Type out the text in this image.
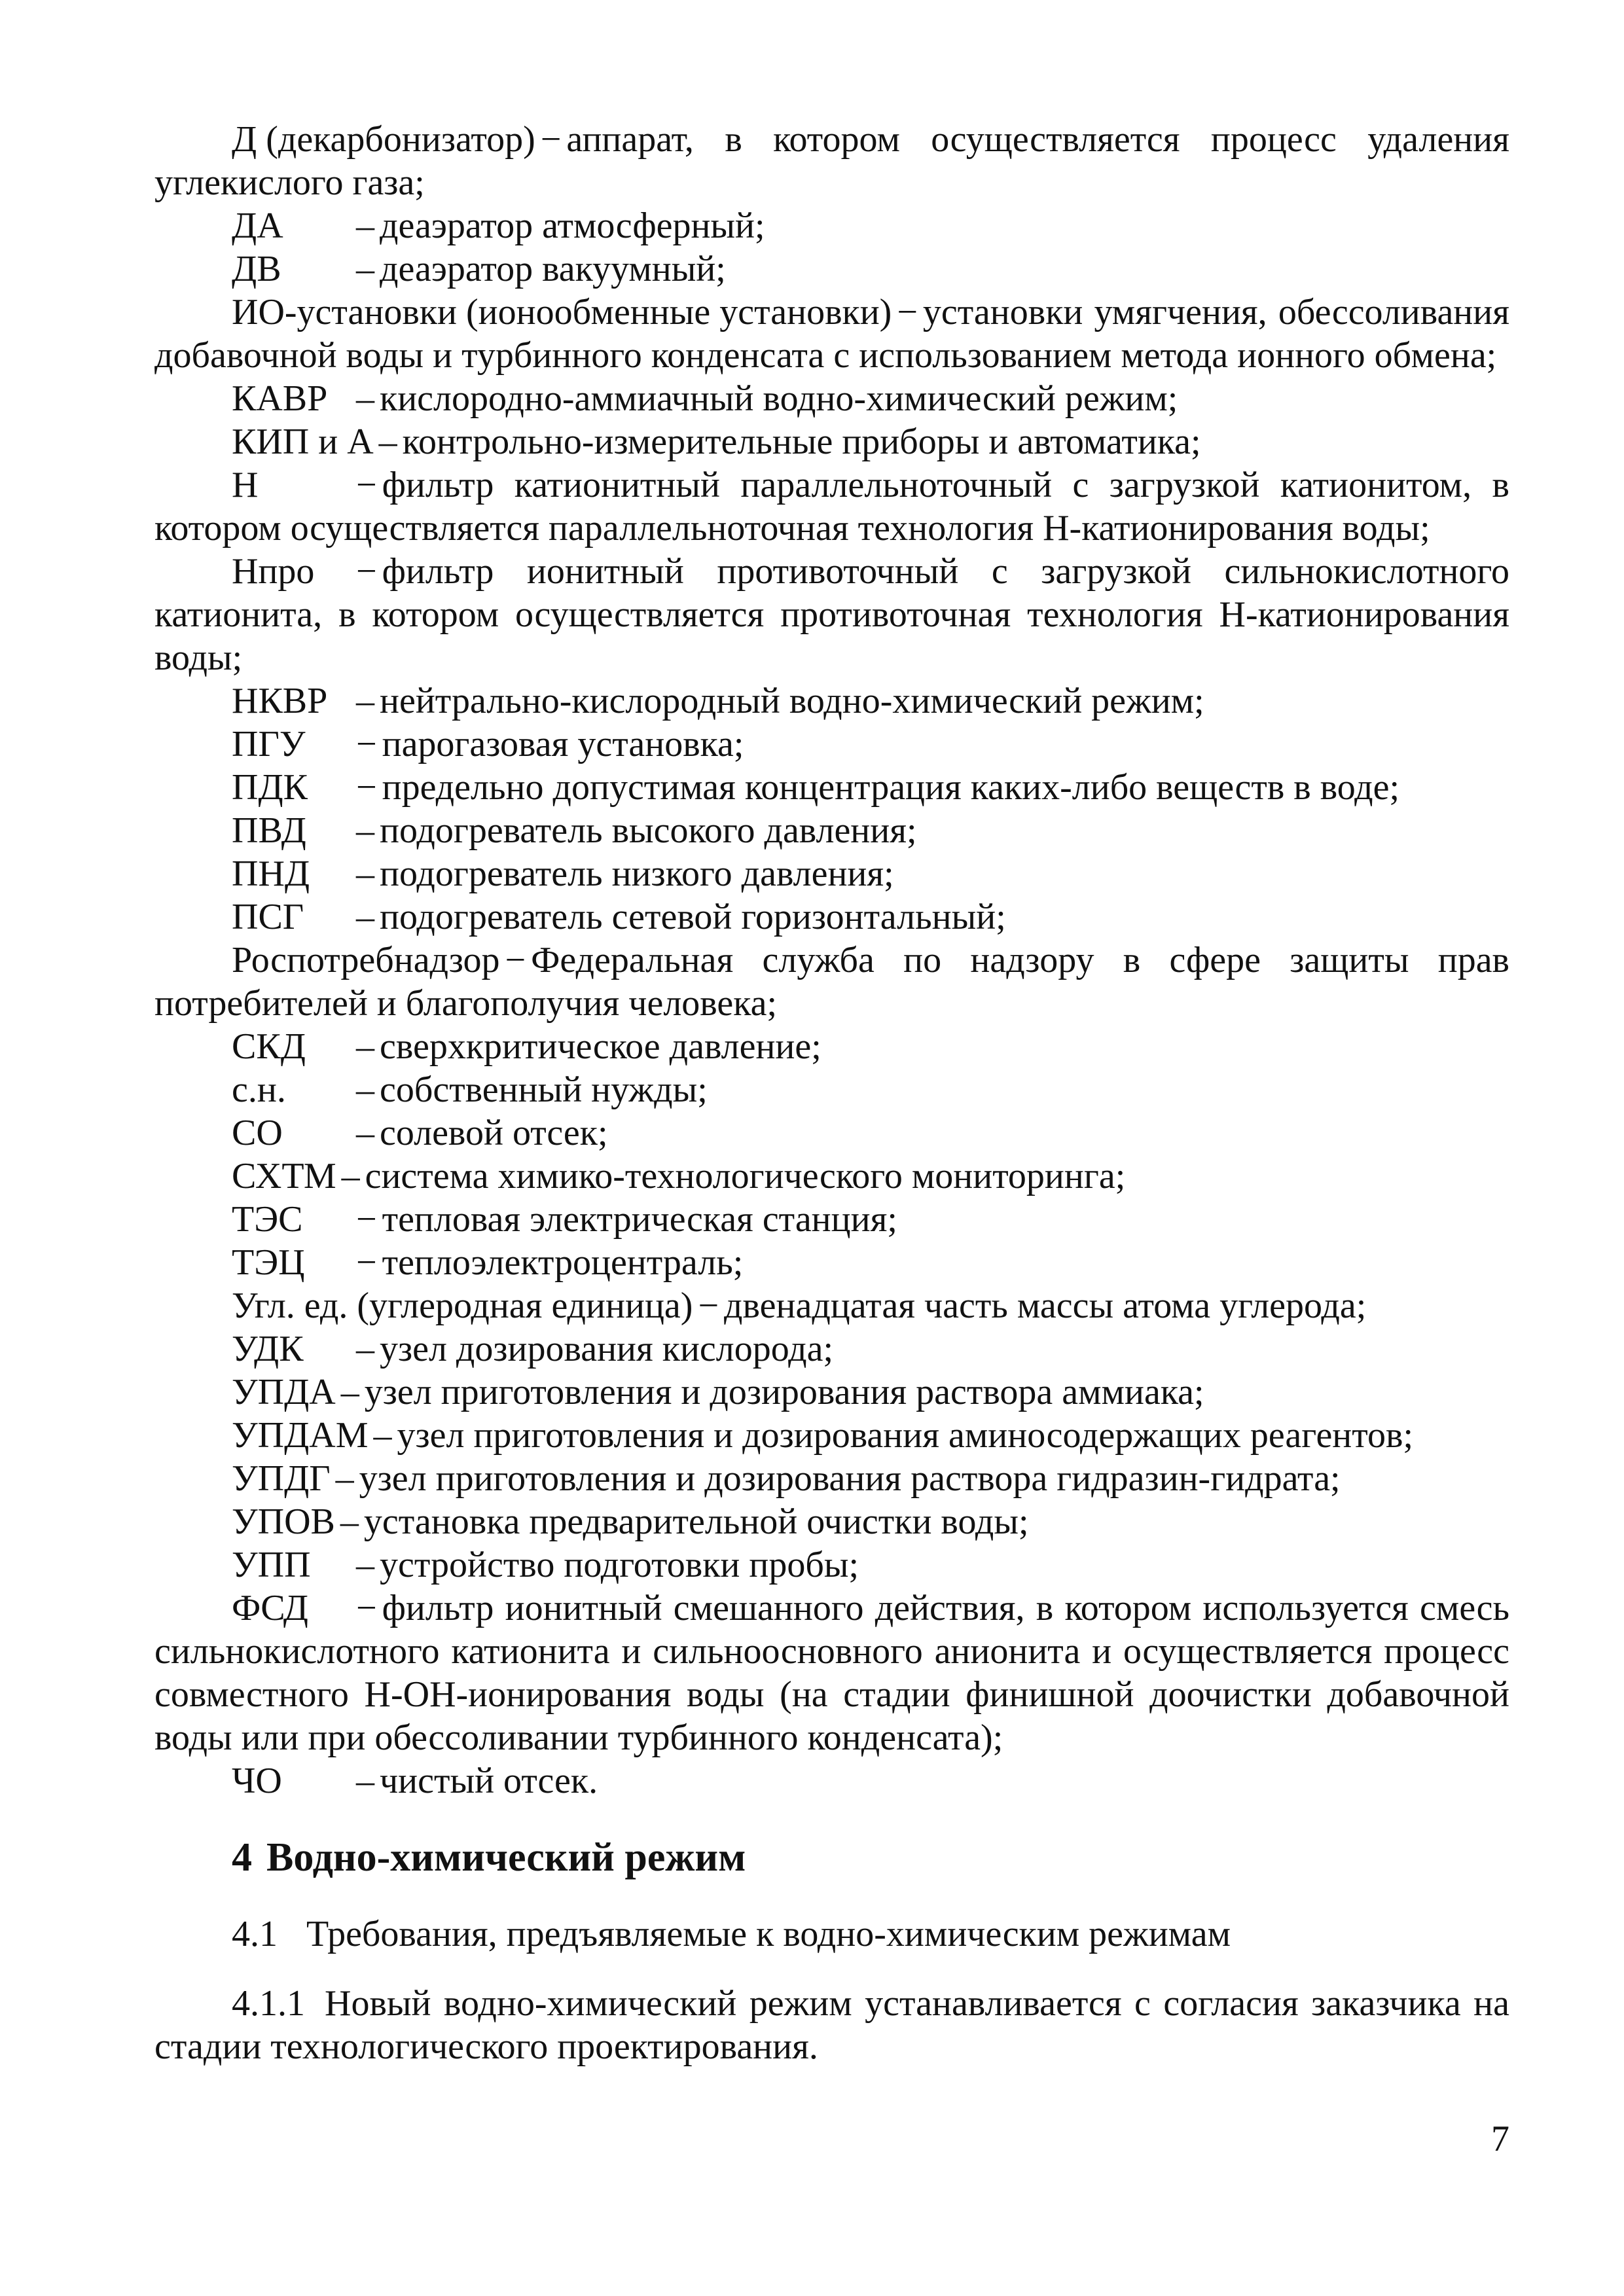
Д (декарбонизатор) − аппарат, в котором осуществляется процесс удаления углекислого газа;

ДА – деаэратор атмосферный;

ДВ – деаэратор вакуумный;

ИО-установки (ионообменные установки) − установки умягчения, обессоливания добавочной воды и турбинного конденсата с использованием метода ионного обмена;

КАВР – кислородно-аммиачный водно-химический режим;

КИП и А – контрольно-измерительные приборы и автоматика;

Н	− фильтр катионитный параллельноточный с загрузкой катионитом, в котором осуществляется параллельноточная технология Н-катионирования воды;

Нпро − фильтр ионитный противоточный с загрузкой сильнокислотного катионита, в котором осуществляется противоточная технология Н-катионирования воды;

НКВР – нейтрально-кислородный водно-химический режим;

ПГУ − парогазовая установка;

ПДК − предельно допустимая концентрация каких-либо веществ в воде;

ПВД – подогреватель высокого давления;

ПНД – подогреватель низкого давления;

ПСГ – подогреватель сетевой горизонтальный;

Роспотребнадзор − Федеральная служба по надзору в сфере защиты прав потребителей и благополучия человека;

СКД – сверхкритическое давление;

с.н. – собственный нужды;

СО – солевой отсек;

СХТМ – система химико-технологического мониторинга;

ТЭС − тепловая электрическая станция;

ТЭЦ − теплоэлектроцентраль;

Угл. ед. (углеродная единица) − двенадцатая часть массы атома углерода;

УДК – узел дозирования кислорода;

УПДА – узел приготовления и дозирования раствора аммиака;

УПДАМ – узел приготовления и дозирования аминосодержащих реагентов;

УПДГ – узел приготовления и дозирования раствора гидразин-гидрата;

УПОВ – установка предварительной очистки воды;

УПП – устройство подготовки пробы;

ФСД − фильтр ионитный смешанного действия, в котором используется смесь сильнокислотного катионита и сильноосновного анионита и осуществляется процесс совместного Н-ОН-ионирования воды (на стадии финишной доочистки добавочной воды или при обессоливании турбинного конденсата);

ЧО – чистый отсек.

4 Водно-химический режим

4.1 Требования, предъявляемые к водно-химическим режимам

4.1.1 Новый водно-химический режим устанавливается с согласия заказчика на стадии технологического проектирования.

7
